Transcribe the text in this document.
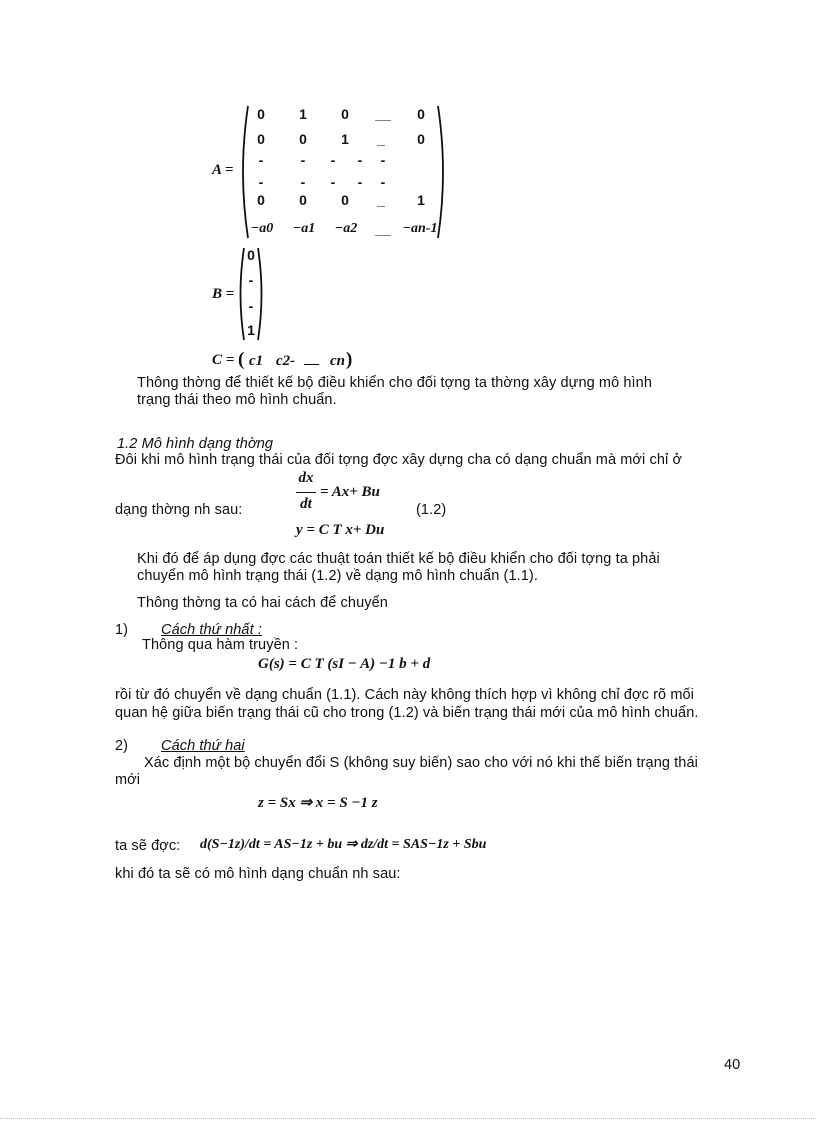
A =
0	1	0	__	0
0	0	1	_	0
-	-	-	-	-
-	-	-	-	-
0	0	0	_	1
−a0	−a1	−a2	__ −an-1
B =
0
-
-
1
C = ( c1 c2- __ cn )
Thông thờng để thiết kế bộ điều khiển cho đối tợng ta thờng xây dựng mô hình
trạng thái theo mô hình chuẩn.
1.2 Mô hình dạng thờng
Đôi khi mô hình trạng thái của đối tợng đợc xây dựng cha có dạng chuẩn mà mới chỉ ở
dạng thờng nh sau:
dx
dt
= Ax+ Bu
y = C T x+ Du
(1.2)
Khi đó để áp dụng đợc các thuật toán thiết kế bộ điều khiển cho đối tợng ta phải
chuyển mô hình trạng thái (1.2) về dạng mô hình chuẩn (1.1).
Thông thờng ta có hai cách để chuyển
1) Cách thứ nhất :
Thông qua hàm truyền :
G(s) = C T (sI − A) −1 b + d
rồi từ đó chuyển về dạng chuẩn (1.1). Cách này không thích hợp vì không chỉ đợc rõ mối
quan hệ giữa biến trạng thái cũ cho trong (1.2) và biến trạng thái mới của mô hình chuẩn.
2) Cách thứ hai
Xác định một bộ chuyển đổi S (không suy biến) sao cho với nó khi thế biến trạng thái
mới
z = Sx ⇒ x = S −1 z
ta sẽ đợc: d(S−1z)/dt = AS−1z + bu ⇒ dz/dt = SAS−1z + Sbu
khi đó ta sẽ có mô hình dạng chuẩn nh sau:
40
